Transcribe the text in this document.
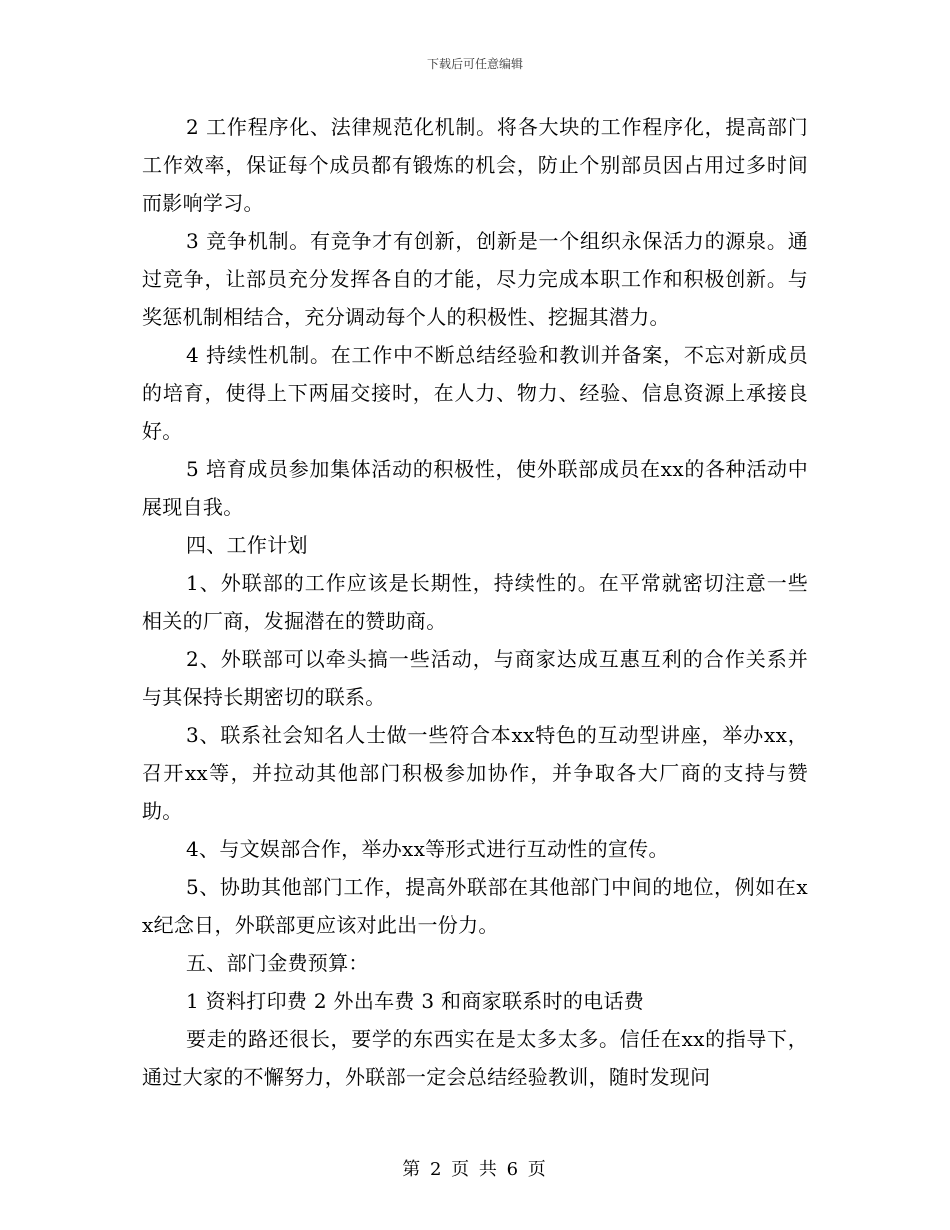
下载后可任意编辑

2 工作程序化、法律规范化机制。将各大块的工作程序化，提高部门工作效率，保证每个成员都有锻炼的机会，防止个别部员因占用过多时间而影响学习。

3 竞争机制。有竞争才有创新，创新是一个组织永保活力的源泉。通过竞争，让部员充分发挥各自的才能，尽力完成本职工作和积极创新。与奖惩机制相结合，充分调动每个人的积极性、挖掘其潜力。

4 持续性机制。在工作中不断总结经验和教训并备案，不忘对新成员的培育，使得上下两届交接时，在人力、物力、经验、信息资源上承接良好。

5 培育成员参加集体活动的积极性，使外联部成员在xx的各种活动中展现自我。

四、工作计划

1、外联部的工作应该是长期性，持续性的。在平常就密切注意一些相关的厂商，发掘潜在的赞助商。

2、外联部可以牵头搞一些活动，与商家达成互惠互利的合作关系并与其保持长期密切的联系。

3、联系社会知名人士做一些符合本xx特色的互动型讲座，举办xx，召开xx等，并拉动其他部门积极参加协作，并争取各大厂商的支持与赞助。

4、与文娱部合作，举办xx等形式进行互动性的宣传。

5、协助其他部门工作，提高外联部在其他部门中间的地位，例如在xx纪念日，外联部更应该对此出一份力。

五、部门金费预算：

1 资料打印费 2 外出车费 3 和商家联系时的电话费

要走的路还很长，要学的东西实在是太多太多。信任在xx的指导下，通过大家的不懈努力，外联部一定会总结经验教训，随时发现问

第 2 页 共 6 页
